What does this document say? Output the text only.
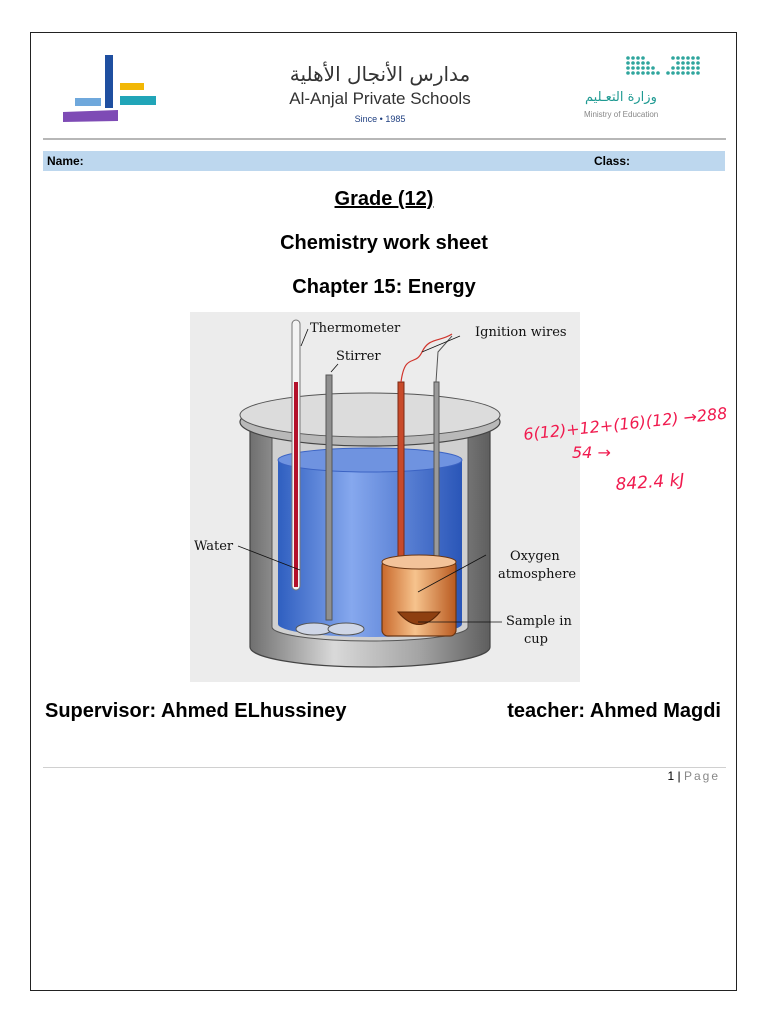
مدارس الأنجال الأهلية
Al-Anjal Private Schools
Since • 1985
وزارة التعـليم
Ministry of Education
Name:	Class:
Grade (12)
Chemistry work sheet
Chapter 15: Energy
Thermometer
Stirrer
Ignition wires
Water
Oxygen
atmosphere
Sample in
cup
6(12)+12+(16)(12) →288
54 →
842.4 kJ
Supervisor: Ahmed ELhussiney	teacher: Ahmed Magdi
1 | Page
